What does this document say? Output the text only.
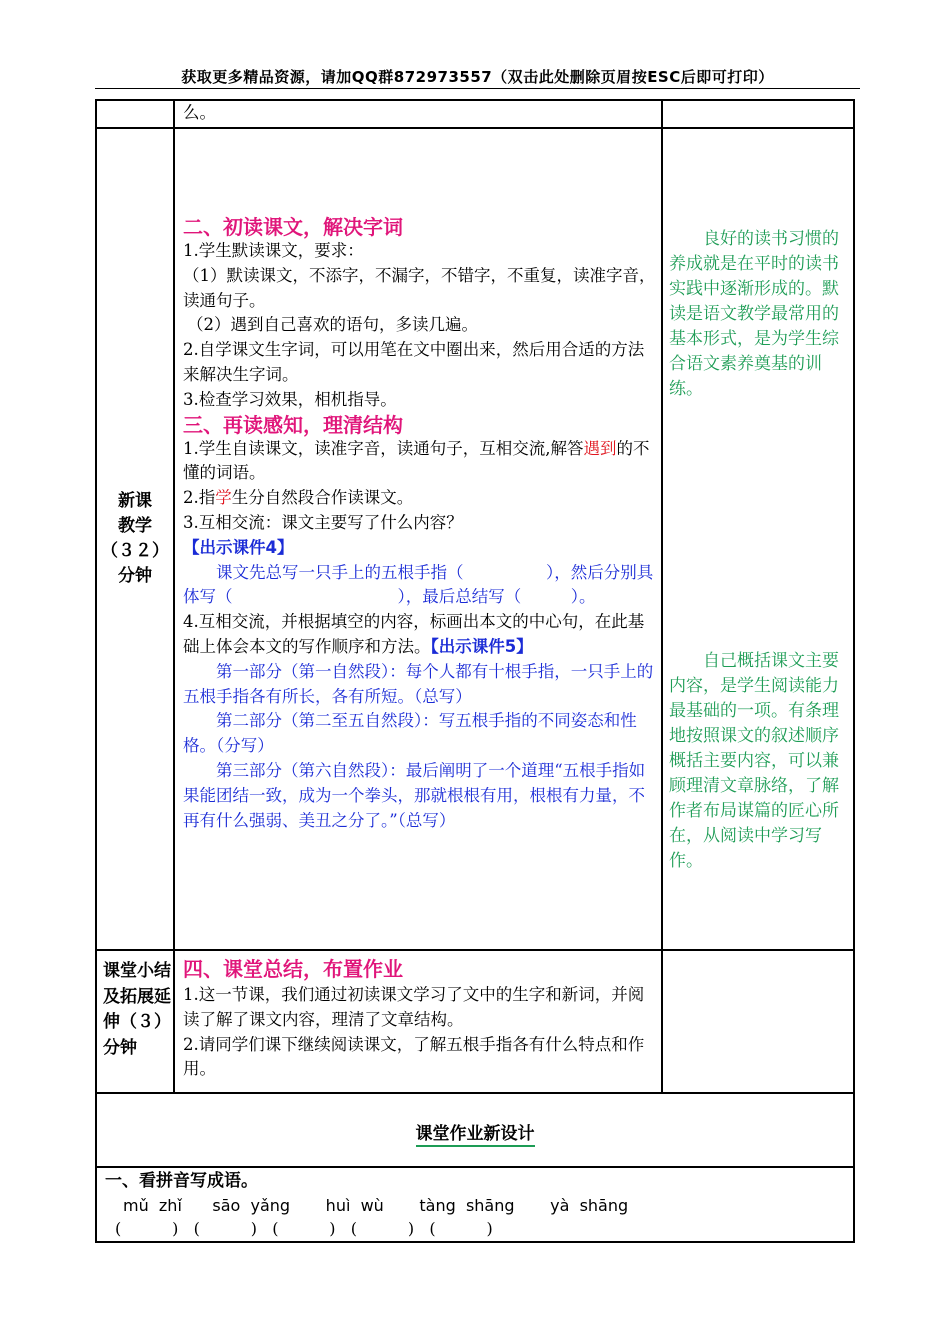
获取更多精品资源，请加QQ群872973557（双击此处删除页眉按ESC后即可打印）
么。

新课

教学

（３２）

分钟

二、初读课文，解决字词

1.学生默读课文，要求：

（1）默读课文，不添字，不漏字，不错字，不重复，读准字音，读通句子。

（2）遇到自己喜欢的语句，多读几遍。

2.自学课文生字词，可以用笔在文中圈出来，然后用合适的方法来解决生字词。

3.检查学习效果，相机指导。

三、再读感知，理清结构

1.学生自读课文，读准字音，读通句子，互相交流,解答遇到的不懂的词语。

2.指学生分自然段合作读课文。

3.互相交流：课文主要写了什么内容？

【出示课件4】

课文先总写一只手上的五根手指（　　　　　），然后分别具体写（　　　　　　　　　　），最后总结写（　　　）。

4.互相交流，并根据填空的内容，标画出本文的中心句，在此基础上体会本文的写作顺序和方法。【出示课件5】

第一部分（第一自然段）：每个人都有十根手指，一只手上的五根手指各有所长，各有所短。（总写）

第二部分（第二至五自然段）：写五根手指的不同姿态和性格。（分写）

第三部分（第六自然段）：最后阐明了一个道理“五根手指如果能团结一致，成为一个拳头，那就根根有用，根根有力量，不再有什么强弱、美丑之分了。”（总写）

良好的读书习惯的养成就是在平时的读书实践中逐渐形成的。默读是语文教学最常用的基本形式，是为学生综合语文素养奠基的训练。
自己概括课文主要内容，是学生阅读能力最基础的一项。有条理地按照课文的叙述顺序概括主要内容，可以兼顾理清文章脉络，了解作者布局谋篇的匠心所在，从阅读中学习写作。
课堂小结及拓展延伸（３）分钟

四、课堂总结，布置作业

1.这一节课，我们通过初读课文学习了文中的生字和新词，并阅读了解了课文内容，理清了文章结构。

2.请同学们课下继续阅读课文，了解五根手指各有什么特点和作用。

课堂作业新设计
一、看拼音写成语。
mǔ  zhǐ      sāo  yǎng       huì  wù       tàng  shāng       yà  shāng
(          )   (          )   (          )   (          )   (          )
